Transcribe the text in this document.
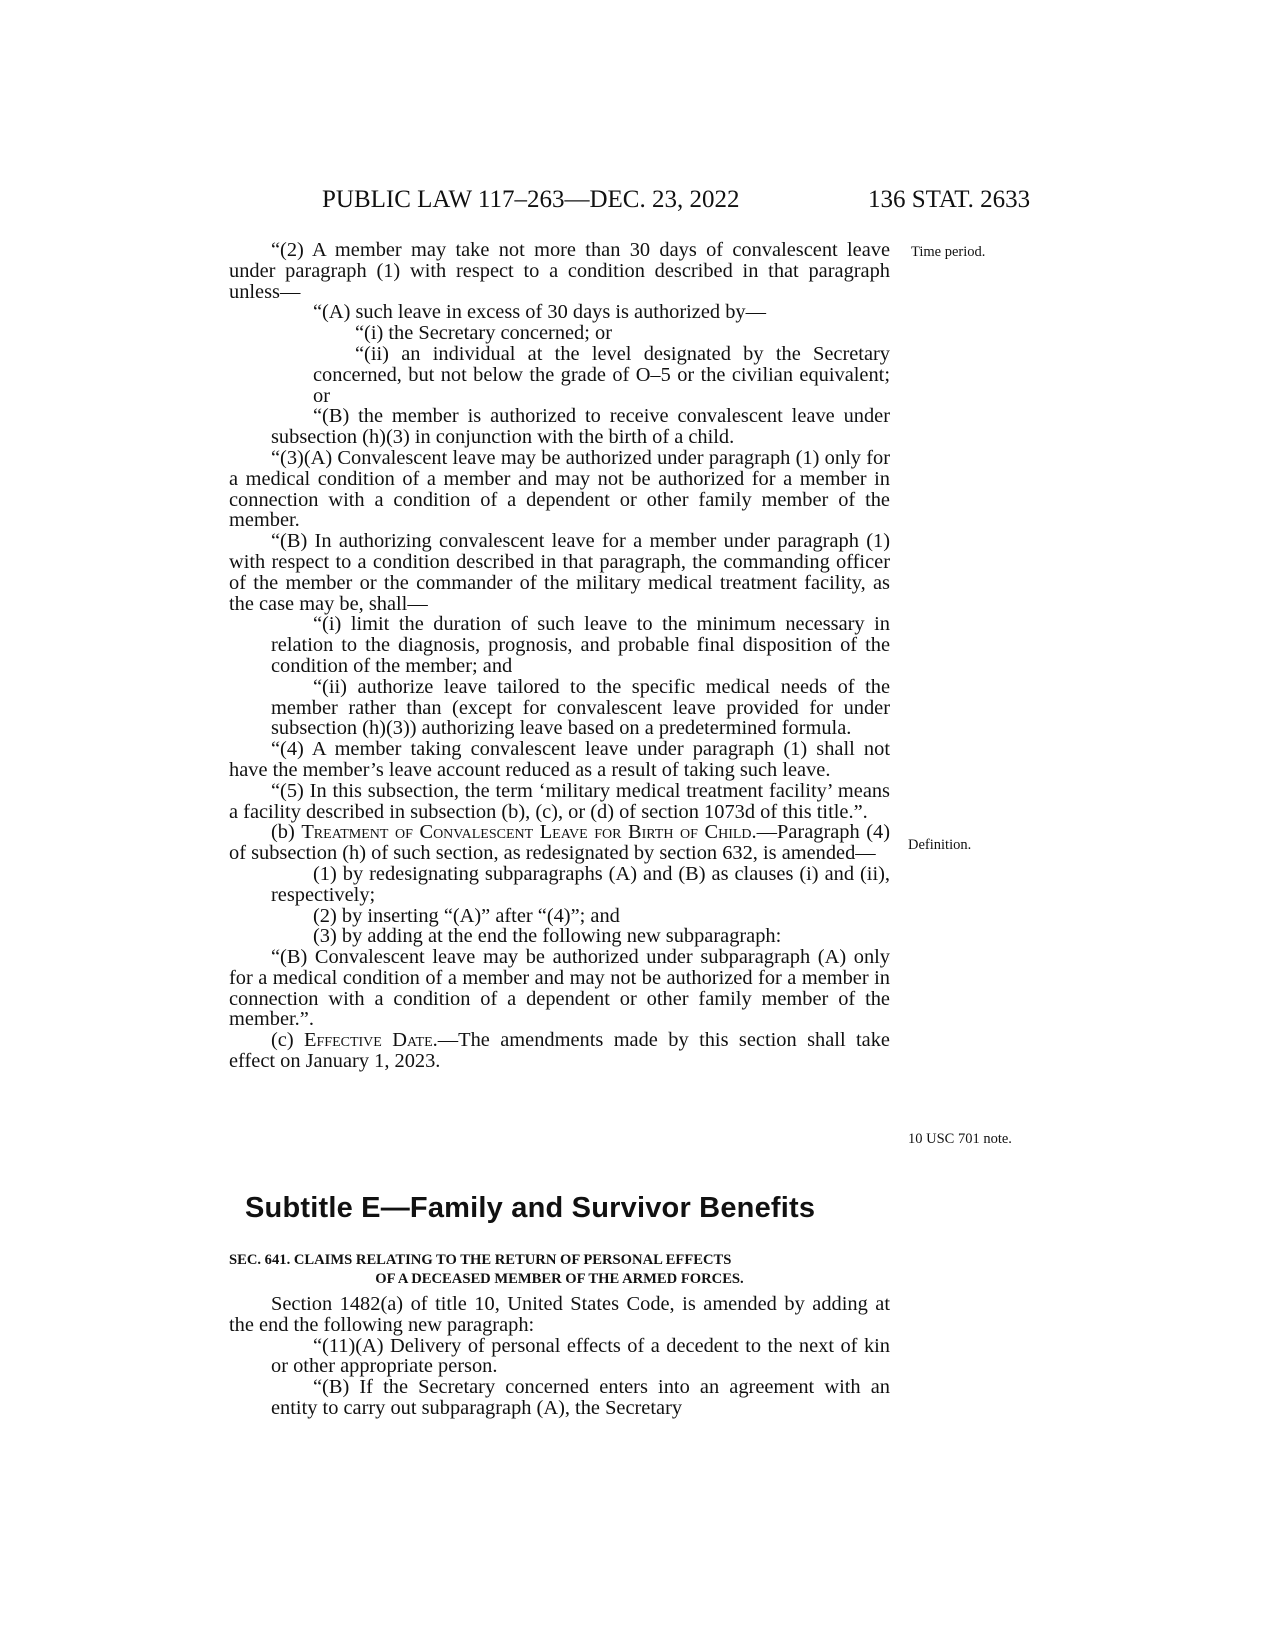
PUBLIC LAW 117–263—DEC. 23, 2022	136 STAT. 2633
Time period.
Definition.
10 USC 701 note.

“(2) A member may take not more than 30 days of convalescent leave under paragraph (1) with respect to a condition described in that paragraph unless—

“(A) such leave in excess of 30 days is authorized by—

“(i) the Secretary concerned; or

“(ii) an individual at the level designated by the Secretary concerned, but not below the grade of O–5 or the civilian equivalent; or

“(B) the member is authorized to receive convalescent leave under subsection (h)(3) in conjunction with the birth of a child.

“(3)(A) Convalescent leave may be authorized under paragraph (1) only for a medical condition of a member and may not be authorized for a member in connection with a condition of a dependent or other family member of the member.

“(B) In authorizing convalescent leave for a member under paragraph (1) with respect to a condition described in that paragraph, the commanding officer of the member or the commander of the military medical treatment facility, as the case may be, shall—

“(i) limit the duration of such leave to the minimum necessary in relation to the diagnosis, prognosis, and probable final disposition of the condition of the member; and

“(ii) authorize leave tailored to the specific medical needs of the member rather than (except for convalescent leave provided for under subsection (h)(3)) authorizing leave based on a predetermined formula.

“(4) A member taking convalescent leave under paragraph (1) shall not have the member’s leave account reduced as a result of taking such leave.

“(5) In this subsection, the term ‘military medical treatment facility’ means a facility described in subsection (b), (c), or (d) of section 1073d of this title.”.

(b) Treatment of Convalescent Leave for Birth of Child.—Paragraph (4) of subsection (h) of such section, as redesignated by section 632, is amended—

(1) by redesignating subparagraphs (A) and (B) as clauses (i) and (ii), respectively;

(2) by inserting “(A)” after “(4)”; and

(3) by adding at the end the following new subparagraph:

“(B) Convalescent leave may be authorized under subparagraph (A) only for a medical condition of a member and may not be authorized for a member in connection with a condition of a dependent or other family member of the member.”.

(c) Effective Date.—The amendments made by this section shall take effect on January 1, 2023.

Subtitle E—Family and Survivor Benefits
SEC. 641. CLAIMS RELATING TO THE RETURN OF PERSONAL EFFECTS
OF A DECEASED MEMBER OF THE ARMED FORCES.

Section 1482(a) of title 10, United States Code, is amended by adding at the end the following new paragraph:

“(11)(A) Delivery of personal effects of a decedent to the next of kin or other appropriate person.

“(B) If the Secretary concerned enters into an agreement with an entity to carry out subparagraph (A), the Secretary
